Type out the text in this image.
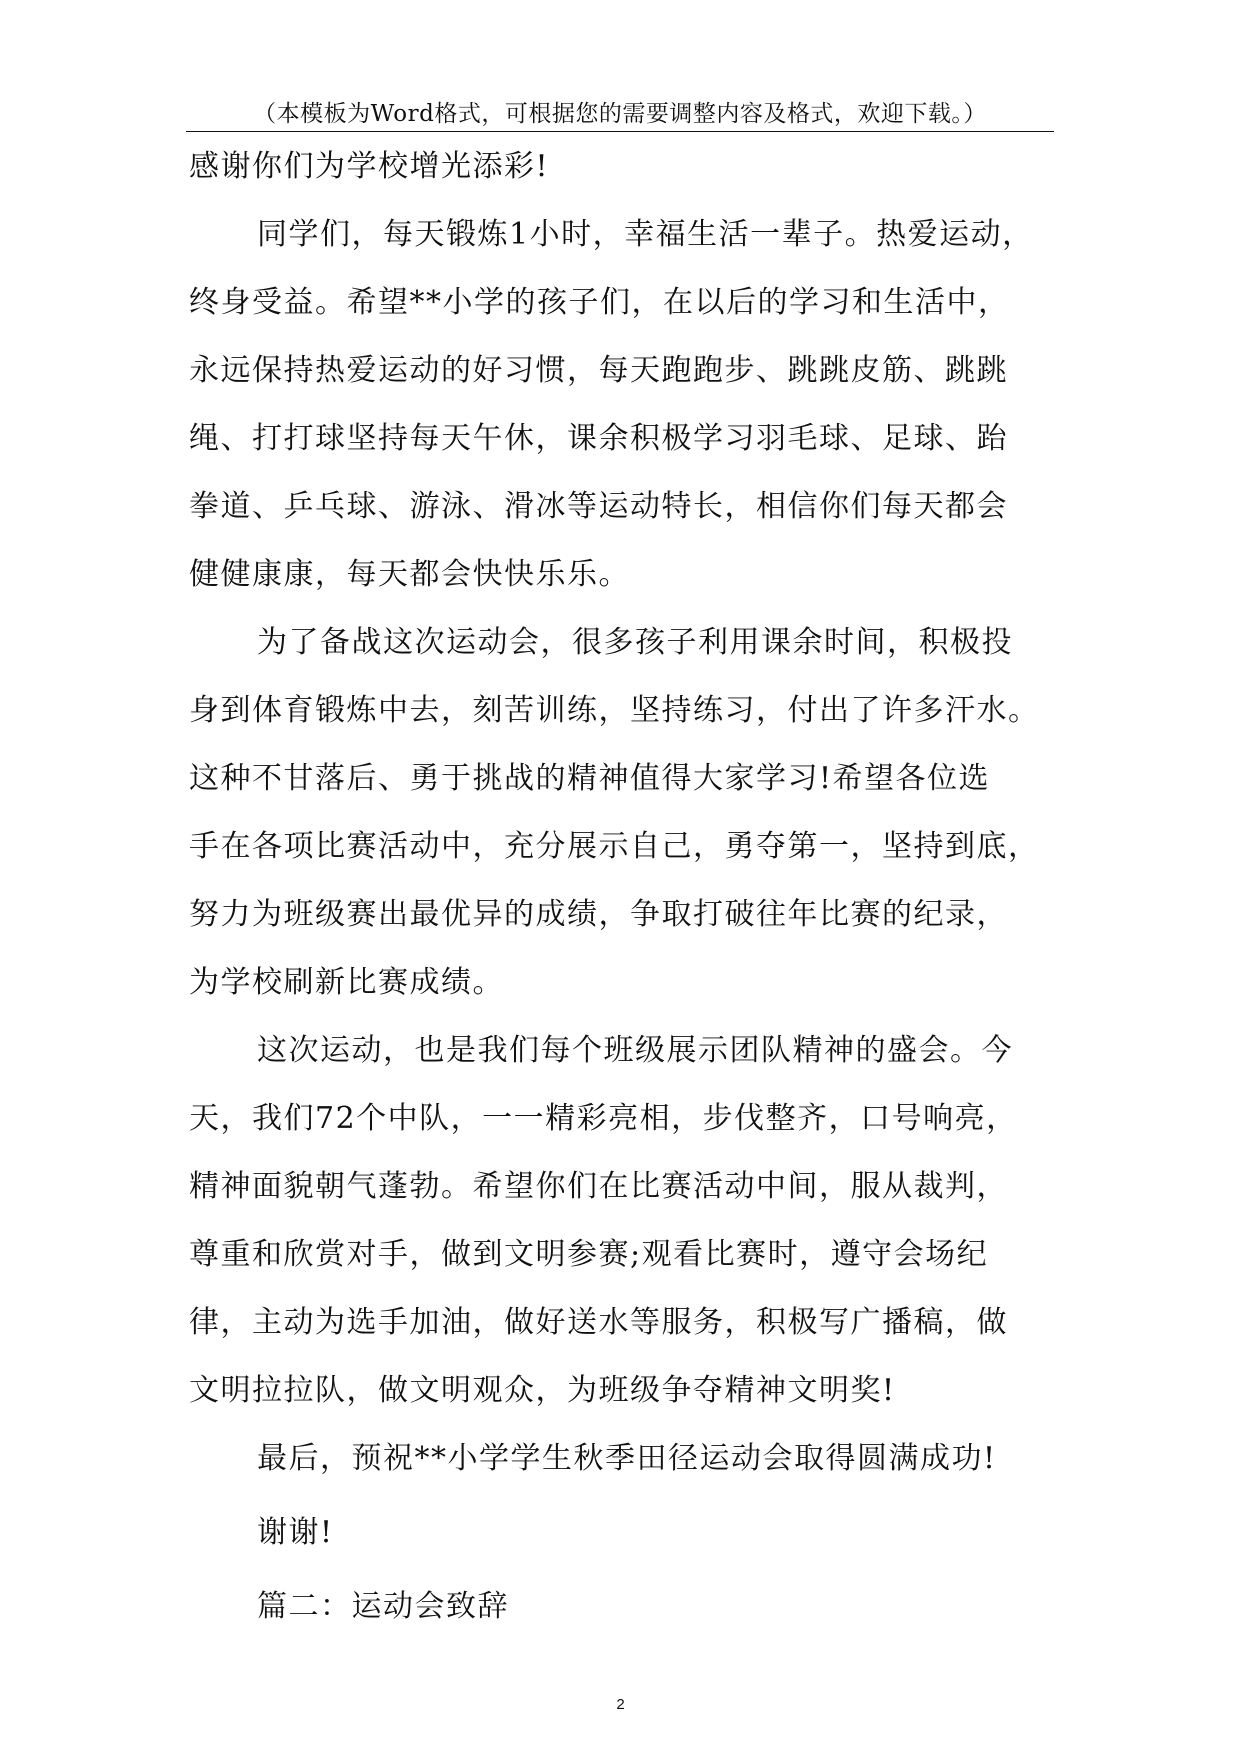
（本模板为Word格式，可根据您的需要调整内容及格式，欢迎下载。）
感谢你们为学校增光添彩!
同学们，每天锻炼1小时，幸福生活一辈子。热爱运动，
终身受益。希望**小学的孩子们，在以后的学习和生活中，
永远保持热爱运动的好习惯，每天跑跑步、跳跳皮筋、跳跳
绳、打打球坚持每天午休，课余积极学习羽毛球、足球、跆
拳道、乒乓球、游泳、滑冰等运动特长，相信你们每天都会
健健康康，每天都会快快乐乐。
为了备战这次运动会，很多孩子利用课余时间，积极投
身到体育锻炼中去，刻苦训练，坚持练习，付出了许多汗水。
这种不甘落后、勇于挑战的精神值得大家学习!希望各位选
手在各项比赛活动中，充分展示自己，勇夺第一，坚持到底，
努力为班级赛出最优异的成绩，争取打破往年比赛的纪录，
为学校刷新比赛成绩。
这次运动，也是我们每个班级展示团队精神的盛会。今
天，我们72个中队，一一精彩亮相，步伐整齐，口号响亮，
精神面貌朝气蓬勃。希望你们在比赛活动中间，服从裁判，
尊重和欣赏对手，做到文明参赛;观看比赛时，遵守会场纪
律，主动为选手加油，做好送水等服务，积极写广播稿，做
文明拉拉队，做文明观众，为班级争夺精神文明奖!
最后，预祝**小学学生秋季田径运动会取得圆满成功!
谢谢!
篇二：运动会致辞
2
